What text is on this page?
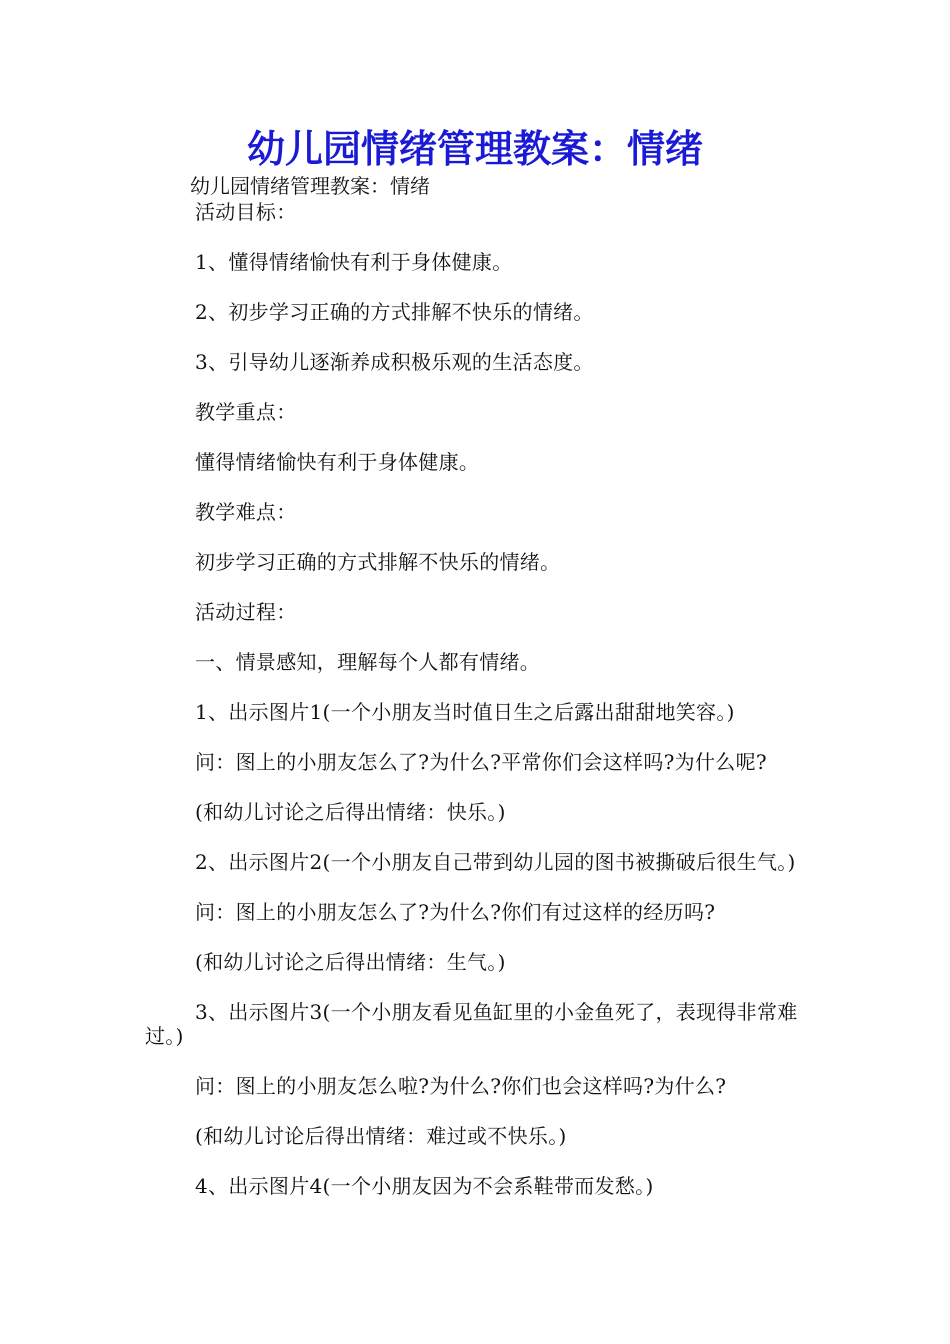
幼儿园情绪管理教案：情绪

幼儿园情绪管理教案：情绪

活动目标：

1、懂得情绪愉快有利于身体健康。

2、初步学习正确的方式排解不快乐的情绪。

3、引导幼儿逐渐养成积极乐观的生活态度。

教学重点：

懂得情绪愉快有利于身体健康。

教学难点：

初步学习正确的方式排解不快乐的情绪。

活动过程：

一、情景感知，理解每个人都有情绪。

1、出示图片1(一个小朋友当时值日生之后露出甜甜地笑容。)

问：图上的小朋友怎么了?为什么?平常你们会这样吗?为什么呢?

(和幼儿讨论之后得出情绪：快乐。)

2、出示图片2(一个小朋友自己带到幼儿园的图书被撕破后很生气。)

问：图上的小朋友怎么了?为什么?你们有过这样的经历吗?

(和幼儿讨论之后得出情绪：生气。)

3、出示图片3(一个小朋友看见鱼缸里的小金鱼死了，表现得非常难过。)

问：图上的小朋友怎么啦?为什么?你们也会这样吗?为什么?

(和幼儿讨论后得出情绪：难过或不快乐。)

4、出示图片4(一个小朋友因为不会系鞋带而发愁。)
